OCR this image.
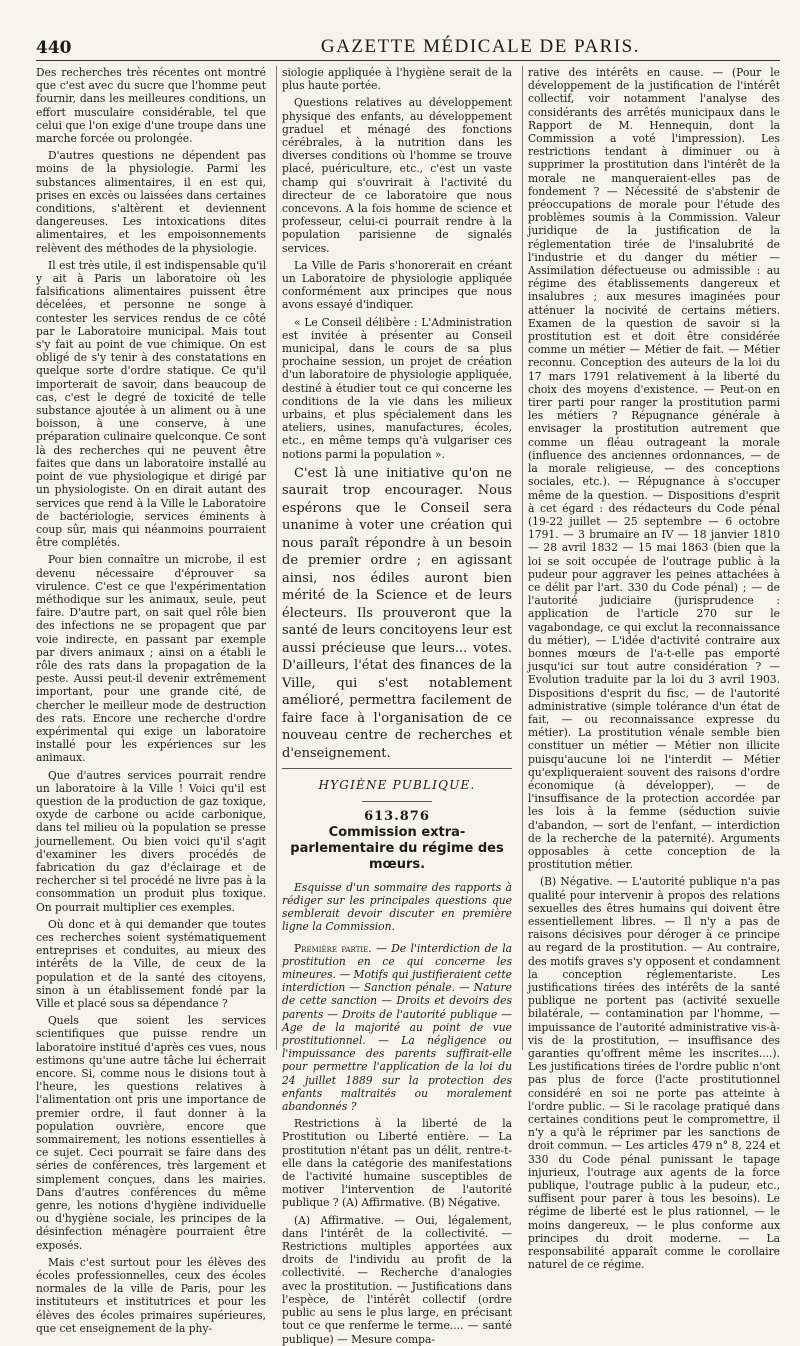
440	GAZETTE MÉDICALE DE PARIS.

Des recherches très récentes ont montré que c'est avec du sucre que l'homme peut fournir, dans les meilleures conditions, un effort musculaire considérable, tel que celui que l'on exige d'une troupe dans une marche forcée ou prolongée.

D'autres questions ne dépendent pas moins de la physiologie. Parmi les substances alimentaires, il en est qui, prises en excès ou laissées dans certaines conditions, s'altèrent et deviennent dangereuses. Les intoxications dites alimentaires, et les empoisonnements relèvent des méthodes de la physiologie.

Il est très utile, il est indispensable qu'il y ait à Paris un laboratoire où les falsifications alimentaires puissent être décelées, et personne ne songe à contester les services rendus de ce côté par le Laboratoire municipal. Mais tout s'y fait au point de vue chimique. On est obligé de s'y tenir à des constatations en quelque sorte d'ordre statique. Ce qu'il importerait de savoir, dans beaucoup de cas, c'est le degré de toxicité de telle substance ajoutée à un aliment ou à une boisson, à une conserve, à une préparation culinaire quelconque. Ce sont là des recherches qui ne peuvent être faites que dans un laboratoire installé au point de vue physiologique et dirigé par un physiologiste. On en dirait autant des services que rend à la Ville le Laboratoire de bactériologie, services éminents à coup sûr, mais qui néanmoins pourraient être complétés.

Pour bien connaître un microbe, il est devenu nécessaire d'éprouver sa virulence. C'est ce que l'expérimentation méthodique sur les animaux, seule, peut faire. D'autre part, on sait quel rôle bien des infections ne se propagent que par voie indirecte, en passant par exemple par divers animaux ; ainsi on a établi le rôle des rats dans la propagation de la peste. Aussi peut-il devenir extrêmement important, pour une grande cité, de chercher le meilleur mode de destruction des rats. Encore une recherche d'ordre expérimental qui exige un laboratoire installé pour les expériences sur les animaux.

Que d'autres services pourrait rendre un laboratoire à la Ville ! Voici qu'il est question de la production de gaz toxique, oxyde de carbone ou acide carbonique, dans tel milieu où la population se presse journellement. Ou bien voici qu'il s'agit d'examiner les divers procédés de fabrication du gaz d'éclairage et de rechercher si tel procédé ne livre pas à la consommation un produit plus toxique. On pourrait multiplier ces exemples.

Où donc et à qui demander que toutes ces recherches soient systématiquement entreprises et conduites, au mieux des intérêts de la Ville, de ceux de la population et de la santé des citoyens, sinon à un établissement fondé par la Ville et placé sous sa dépendance ?

Quels que soient les services scientifiques que puisse rendre un laboratoire institué d'après ces vues, nous estimons qu'une autre tâche lui écherrait encore. Si, comme nous le disions tout à l'heure, les questions relatives à l'alimentation ont pris une importance de premier ordre, il faut donner à la population ouvrière, encore que sommairement, les notions essentielles à ce sujet. Ceci pourrait se faire dans des séries de conférences, très largement et simplement conçues, dans les mairies. Dans d'autres conférences du même genre, les notions d'hygiène individuelle ou d'hygiène sociale, les principes de la désinfection ménagère pourraient être exposés.

Mais c'est surtout pour les élèves des écoles professionnelles, ceux des écoles normales de la ville de Paris, pour les instituteurs et institutrices et pour les élèves des écoles primaires supérieures, que cet enseignement de la phy-

siologie appliquée à l'hygiène serait de la plus haute portée.

Questions relatives au développement physique des enfants, au développement graduel et ménagé des fonctions cérébrales, à la nutrition dans les diverses conditions où l'homme se trouve placé, puériculture, etc., c'est un vaste champ qui s'ouvrirait à l'activité du directeur de ce laboratoire que nous concevons. A la fois homme de science et professeur, celui-ci pourrait rendre à la population parisienne de signalés services.

La Ville de Paris s'honorerait en créant un Laboratoire de physiologie appliquée conformément aux principes que nous avons essayé d'indiquer.

« Le Conseil délibère : L'Administration est invitée à présenter au Conseil municipal, dans le cours de sa plus prochaine session, un projet de création d'un laboratoire de physiologie appliquée, destiné à étudier tout ce qui concerne les conditions de la vie dans les milieux urbains, et plus spécialement dans les ateliers, usines, manufactures, écoles, etc., en même temps qu'à vulgariser ces notions parmi la population ».

C'est là une initiative qu'on ne saurait trop encourager. Nous espérons que le Conseil sera unanime à voter une création qui nous paraît répondre à un besoin de premier ordre ; en agissant ainsi, nos édiles auront bien mérité de la Science et de leurs électeurs. Ils prouveront que la santé de leurs concitoyens leur est aussi précieuse que leurs... votes. D'ailleurs, l'état des finances de la Ville, qui s'est notablement amélioré, permettra facilement de faire face à l'organisation de ce nouveau centre de recherches et d'enseignement.

HYGIÈNE PUBLIQUE.
613.876
Commission extra-parlementaire du régime des mœurs.

Esquisse d'un sommaire des rapports à rédiger sur les principales questions que semblerait devoir discuter en première ligne la Commission.

Première partie. — De l'interdiction de la prostitution en ce qui concerne les mineures. — Motifs qui justifieraient cette interdiction — Sanction pénale. — Nature de cette sanction — Droits et devoirs des parents — Droits de l'autorité publique — Age de la majorité au point de vue prostitutionnel. — La négligence ou l'impuissance des parents suffirait-elle pour permettre l'application de la loi du 24 juillet 1889 sur la protection des enfants maltraités ou moralement abandonnés ?

Restrictions à la liberté de la Prostitution ou Liberté entière. — La prostitution n'étant pas un délit, rentre-t-elle dans la catégorie des manifestations de l'activité humaine susceptibles de motiver l'intervention de l'autorité publique ? (A) Affirmative. (B) Négative.

(A) Affirmative. — Oui, légalement, dans l'intérêt de la collectivité. — Restrictions multiples apportées aux droits de l'individu au profit de la collectivité. — Recherche d'analogies avec la prostitution. — Justifications dans l'espèce, de l'intérêt collectif (ordre public au sens le plus large, en précisant tout ce que renferme le terme.... — santé publique) — Mesure compa-

rative des intérêts en cause. — (Pour le développement de la justification de l'intérêt collectif, voir notamment l'analyse des considérants des arrêtés municipaux dans le Rapport de M. Hennequin, dont la Commission a voté l'impression). Les restrictions tendant à diminuer ou à supprimer la prostitution dans l'intérêt de la morale ne manqueraient-elles pas de fondement ? — Nécessité de s'abstenir de préoccupations de morale pour l'étude des problèmes soumis à la Commission. Valeur juridique de la justification de la réglementation tirée de l'insalubrité de l'industrie et du danger du métier — Assimilation défectueuse ou admissible : au régime des établissements dangereux et insalubres ; aux mesures imaginées pour atténuer la nocivité de certains métiers. Examen de la question de savoir si la prostitution est et doit être considérée comme un métier — Métier de fait. — Métier reconnu. Conception des auteurs de la loi du 17 mars 1791 relativement à la liberté du choix des moyens d'existence. — Peut-on en tirer parti pour ranger la prostitution parmi les métiers ? Répugnance générale à envisager la prostitution autrement que comme un fléau outrageant la morale (influence des anciennes ordonnances, — de la morale religieuse, — des conceptions sociales, etc.). — Répugnance à s'occuper même de la question. — Dispositions d'esprit à cet égard : des rédacteurs du Code pénal (19-22 juillet — 25 septembre — 6 octobre 1791. — 3 brumaire an IV — 18 janvier 1810 — 28 avril 1832 — 15 mai 1863 (bien que la loi se soit occupée de l'outrage public à la pudeur pour aggraver les peines attachées à ce délit par l'art. 330 du Code pénal) ; — de l'autorité judiciaire (jurisprudence : application de l'article 270 sur le vagabondage, ce qui exclut la reconnaissance du métier), — L'idée d'activité contraire aux bonnes mœurs de l'a-t-elle pas emporté jusqu'ici sur tout autre considération ? — Evolution traduite par la loi du 3 avril 1903. Dispositions d'esprit du fisc, — de l'autorité administrative (simple tolérance d'un état de fait, — ou reconnaissance expresse du métier). La prostitution vénale semble bien constituer un métier — Métier non illicite puisqu'aucune loi ne l'interdit — Métier qu'expliqueraient souvent des raisons d'ordre économique (à développer), — de l'insuffisance de la protection accordée par les lois à la femme (séduction suivie d'abandon, — sort de l'enfant, — interdiction de la recherche de la paternité). Arguments opposables à cette conception de la prostitution métier.

(B) Négative. — L'autorité publique n'a pas qualité pour intervenir à propos des relations sexuelles des êtres humains qui doivent être essentiellement libres. — Il n'y a pas de raisons décisives pour déroger à ce principe au regard de la prostitution. — Au contraire, des motifs graves s'y opposent et condamnent la conception réglementariste. Les justifications tirées des intérêts de la santé publique ne portent pas (activité sexuelle bilatérale, — contamination par l'homme, — impuissance de l'autorité administrative vis-à-vis de la prostitution, — insuffisance des garanties qu'offrent même les inscrites....). Les justifications tirées de l'ordre public n'ont pas plus de force (l'acte prostitutionnel considéré en soi ne porte pas atteinte à l'ordre public. — Si le racolage pratiqué dans certaines conditions peut le compromettre, il n'y a qu'à le réprimer par les sanctions de droit commun. — Les articles 479 n° 8, 224 et 330 du Code pénal punissant le tapage injurieux, l'outrage aux agents de la force publique, l'outrage public à la pudeur, etc., suffisent pour parer à tous les besoins). Le régime de liberté est le plus rationnel, — le moins dangereux, — le plus conforme aux principes du droit moderne. — La responsabilité apparaît comme le corollaire naturel de ce régime.
